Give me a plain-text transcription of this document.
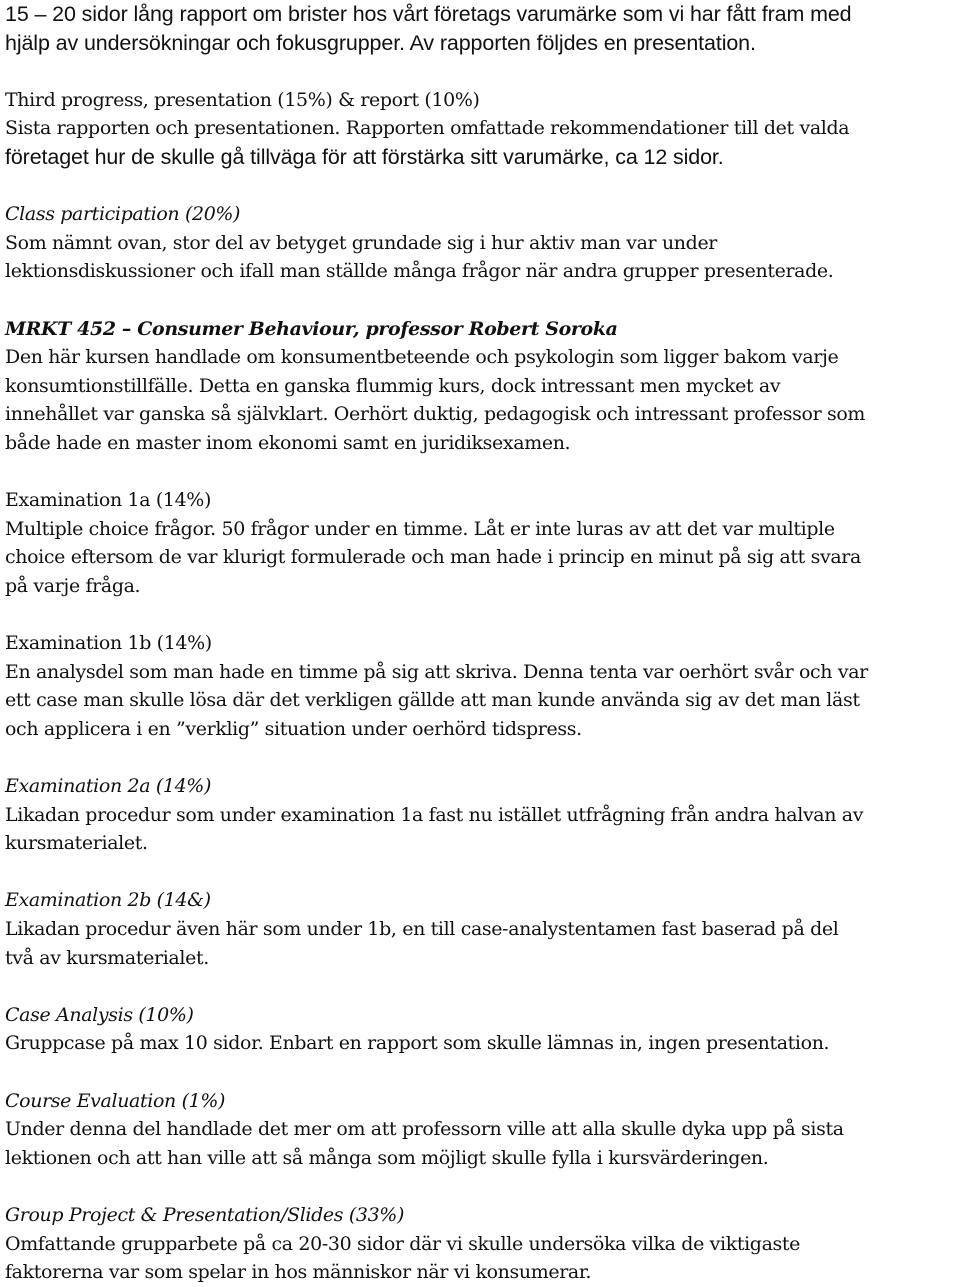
15 – 20 sidor lång rapport om brister hos vårt företags varumärke som vi har fått fram med
hjälp av undersökningar och fokusgrupper. Av rapporten följdes en presentation.
Third progress, presentation (15%) & report (10%)
Sista rapporten och presentationen. Rapporten omfattade rekommendationer till det valda
företaget hur de skulle gå tillväga för att förstärka sitt varumärke, ca 12 sidor.
Class participation (20%)
Som nämnt ovan, stor del av betyget grundade sig i hur aktiv man var under
lektionsdiskussioner och ifall man ställde många frågor när andra grupper presenterade.
MRKT 452 – Consumer Behaviour, professor Robert Soroka
Den här kursen handlade om konsumentbeteende och psykologin som ligger bakom varje
konsumtionstillfälle. Detta en ganska flummig kurs, dock intressant men mycket av
innehållet var ganska så självklart. Oerhört duktig, pedagogisk och intressant professor som
både hade en master inom ekonomi samt en juridiksexamen.
Examination 1a (14%)
Multiple choice frågor. 50 frågor under en timme. Låt er inte luras av att det var multiple
choice eftersom de var klurigt formulerade och man hade i princip en minut på sig att svara
på varje fråga.
Examination 1b (14%)
En analysdel som man hade en timme på sig att skriva. Denna tenta var oerhört svår och var
ett case man skulle lösa där det verkligen gällde att man kunde använda sig av det man läst
och applicera i en ”verklig” situation under oerhörd tidspress.
Examination 2a (14%)
Likadan procedur som under examination 1a fast nu istället utfrågning från andra halvan av
kursmaterialet.
Examination 2b (14&)
Likadan procedur även här som under 1b, en till case-analystentamen fast baserad på del
två av kursmaterialet.
Case Analysis (10%)
Gruppcase på max 10 sidor. Enbart en rapport som skulle lämnas in, ingen presentation.
Course Evaluation (1%)
Under denna del handlade det mer om att professorn ville att alla skulle dyka upp på sista
lektionen och att han ville att så många som möjligt skulle fylla i kursvärderingen.
Group Project & Presentation/Slides (33%)
Omfattande grupparbete på ca 20-30 sidor där vi skulle undersöka vilka de viktigaste
faktorerna var som spelar in hos människor när vi konsumerar.
